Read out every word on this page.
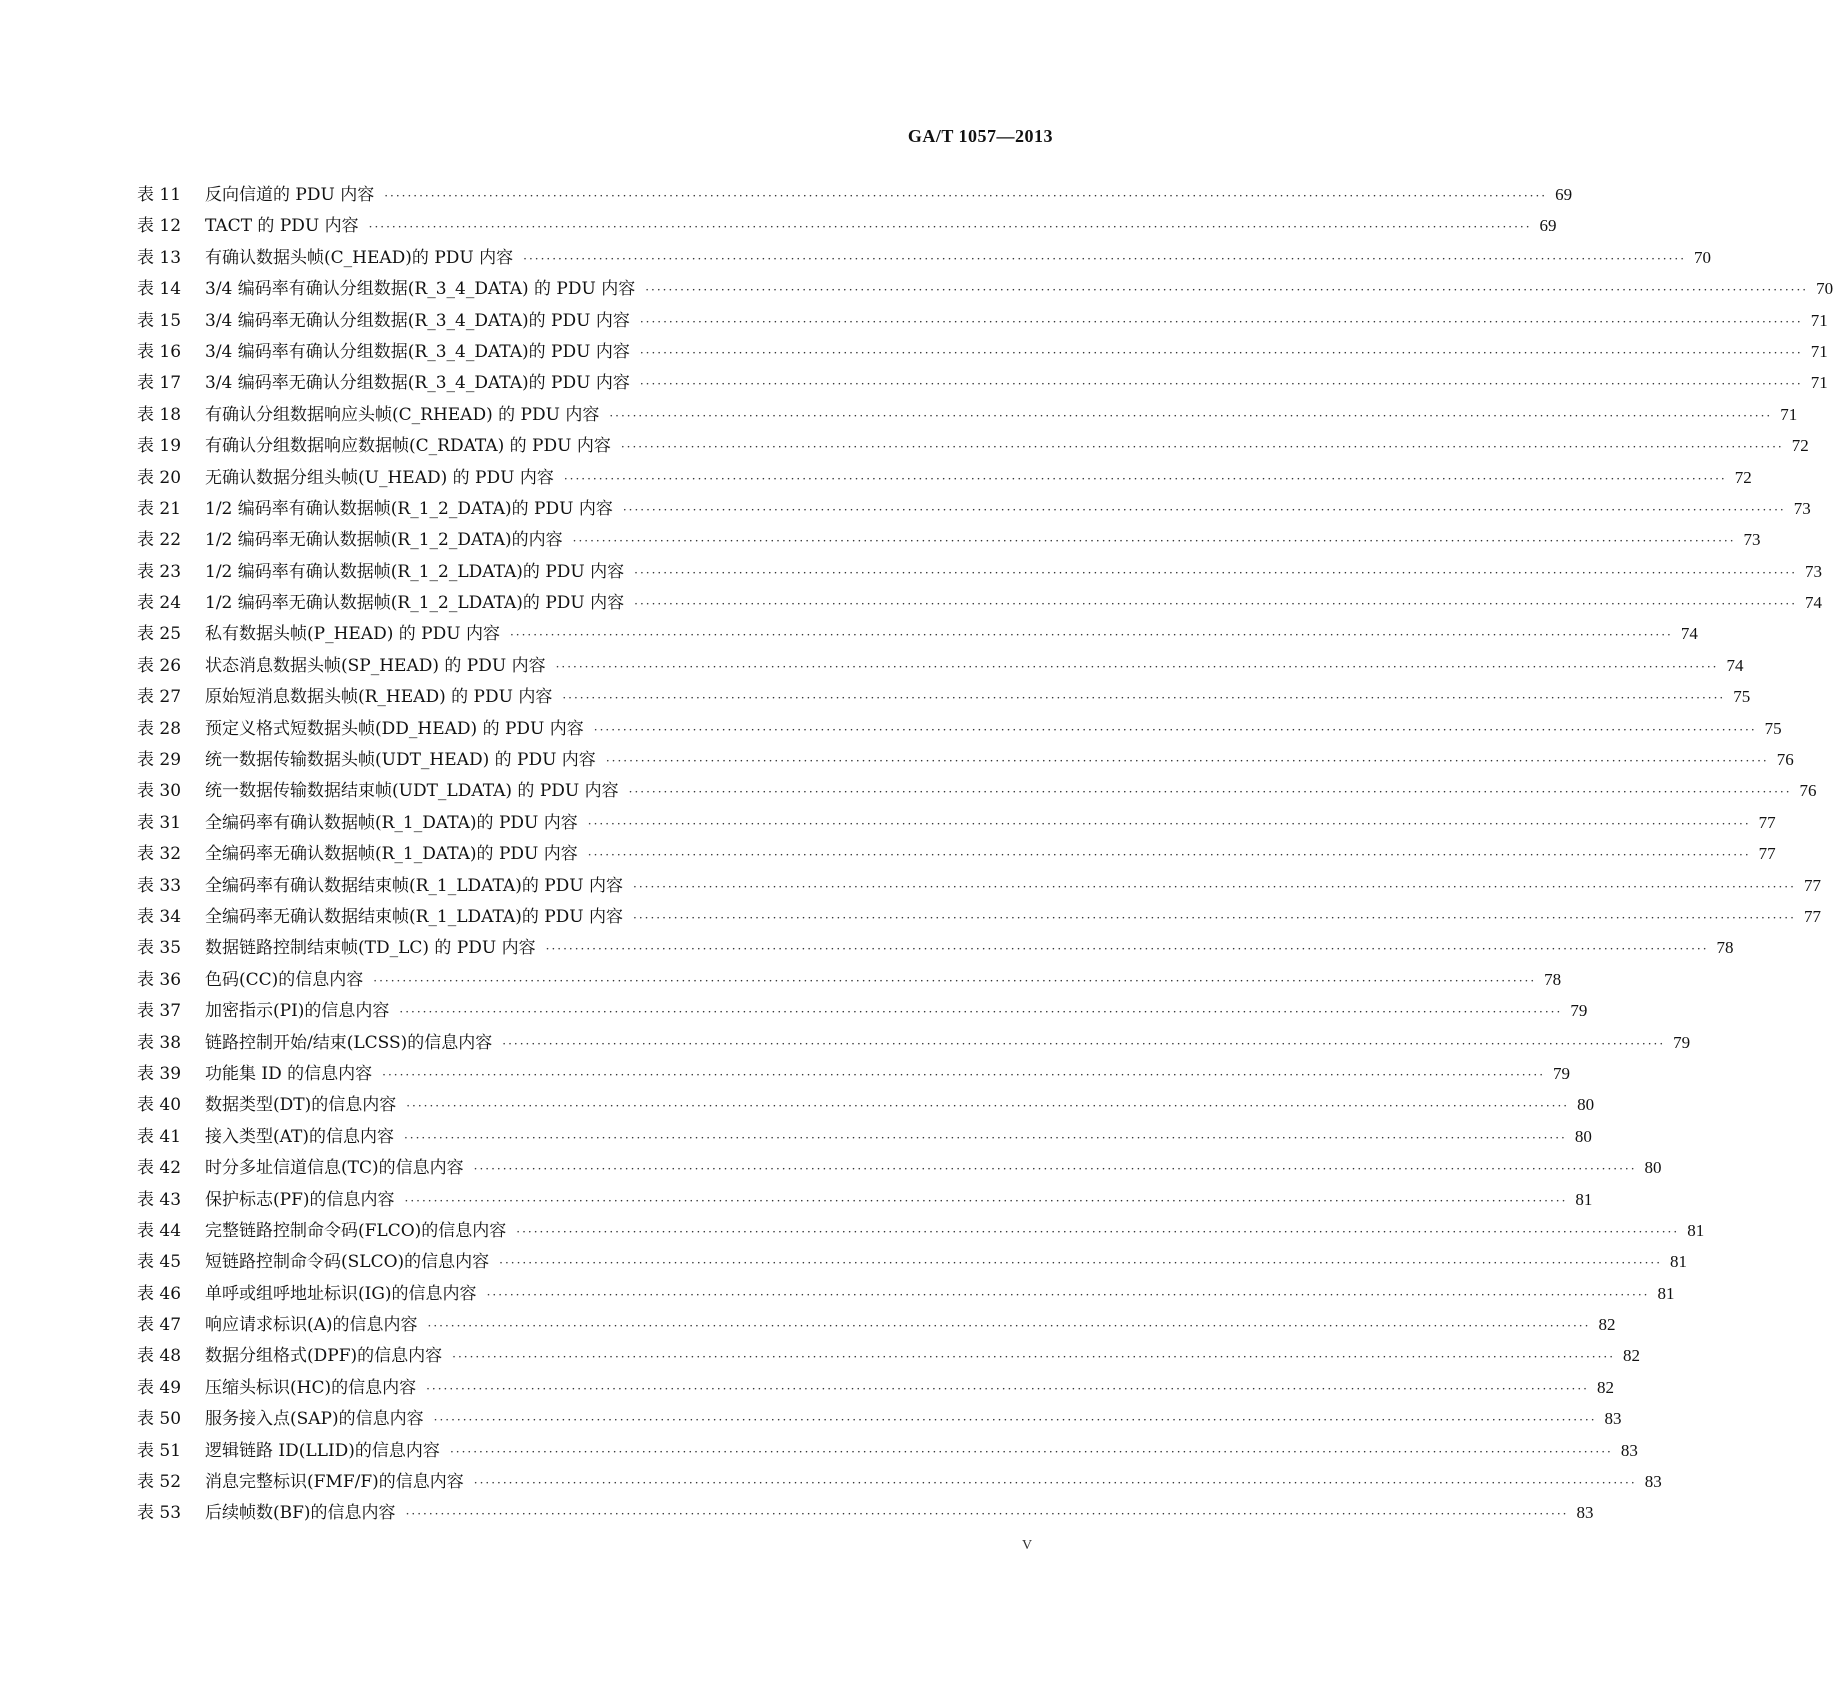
GA/T 1057—2013
表 11	反向信道的 PDU 内容 ········································································································································································································ 69
表 12	TACT 的 PDU 内容 ········································································································································································································ 69
表 13	有确认数据头帧(C_HEAD)的 PDU 内容 ········································································································································································································ 70
表 14	3/4 编码率有确认分组数据(R_3_4_DATA) 的 PDU 内容 ········································································································································································································ 70
表 15	3/4 编码率无确认分组数据(R_3_4_DATA)的 PDU 内容 ········································································································································································································ 71
表 16	3/4 编码率有确认分组数据(R_3_4_DATA)的 PDU 内容 ········································································································································································································ 71
表 17	3/4 编码率无确认分组数据(R_3_4_DATA)的 PDU 内容 ········································································································································································································ 71
表 18	有确认分组数据响应头帧(C_RHEAD) 的 PDU 内容 ········································································································································································································ 71
表 19	有确认分组数据响应数据帧(C_RDATA) 的 PDU 内容 ········································································································································································································ 72
表 20	无确认数据分组头帧(U_HEAD) 的 PDU 内容 ········································································································································································································ 72
表 21	1/2 编码率有确认数据帧(R_1_2_DATA)的 PDU 内容 ········································································································································································································ 73
表 22	1/2 编码率无确认数据帧(R_1_2_DATA)的内容 ········································································································································································································ 73
表 23	1/2 编码率有确认数据帧(R_1_2_LDATA)的 PDU 内容 ········································································································································································································ 73
表 24	1/2 编码率无确认数据帧(R_1_2_LDATA)的 PDU 内容 ········································································································································································································ 74
表 25	私有数据头帧(P_HEAD) 的 PDU 内容 ········································································································································································································ 74
表 26	状态消息数据头帧(SP_HEAD) 的 PDU 内容 ········································································································································································································ 74
表 27	原始短消息数据头帧(R_HEAD) 的 PDU 内容 ········································································································································································································ 75
表 28	预定义格式短数据头帧(DD_HEAD) 的 PDU 内容 ········································································································································································································ 75
表 29	统一数据传输数据头帧(UDT_HEAD) 的 PDU 内容 ········································································································································································································ 76
表 30	统一数据传输数据结束帧(UDT_LDATA) 的 PDU 内容 ········································································································································································································ 76
表 31	全编码率有确认数据帧(R_1_DATA)的 PDU 内容 ········································································································································································································ 77
表 32	全编码率无确认数据帧(R_1_DATA)的 PDU 内容 ········································································································································································································ 77
表 33	全编码率有确认数据结束帧(R_1_LDATA)的 PDU 内容 ········································································································································································································ 77
表 34	全编码率无确认数据结束帧(R_1_LDATA)的 PDU 内容 ········································································································································································································ 77
表 35	数据链路控制结束帧(TD_LC) 的 PDU 内容 ········································································································································································································ 78
表 36	色码(CC)的信息内容 ········································································································································································································ 78
表 37	加密指示(PI)的信息内容 ········································································································································································································ 79
表 38	链路控制开始/结束(LCSS)的信息内容 ········································································································································································································ 79
表 39	功能集 ID 的信息内容 ········································································································································································································ 79
表 40	数据类型(DT)的信息内容 ········································································································································································································ 80
表 41	接入类型(AT)的信息内容 ········································································································································································································ 80
表 42	时分多址信道信息(TC)的信息内容 ········································································································································································································ 80
表 43	保护标志(PF)的信息内容 ········································································································································································································ 81
表 44	完整链路控制命令码(FLCO)的信息内容 ········································································································································································································ 81
表 45	短链路控制命令码(SLCO)的信息内容 ········································································································································································································ 81
表 46	单呼或组呼地址标识(IG)的信息内容 ········································································································································································································ 81
表 47	响应请求标识(A)的信息内容 ········································································································································································································ 82
表 48	数据分组格式(DPF)的信息内容 ········································································································································································································ 82
表 49	压缩头标识(HC)的信息内容 ········································································································································································································ 82
表 50	服务接入点(SAP)的信息内容 ········································································································································································································ 83
表 51	逻辑链路 ID(LLID)的信息内容 ········································································································································································································ 83
表 52	消息完整标识(FMF/F)的信息内容 ········································································································································································································ 83
表 53	后续帧数(BF)的信息内容 ········································································································································································································ 83
V
